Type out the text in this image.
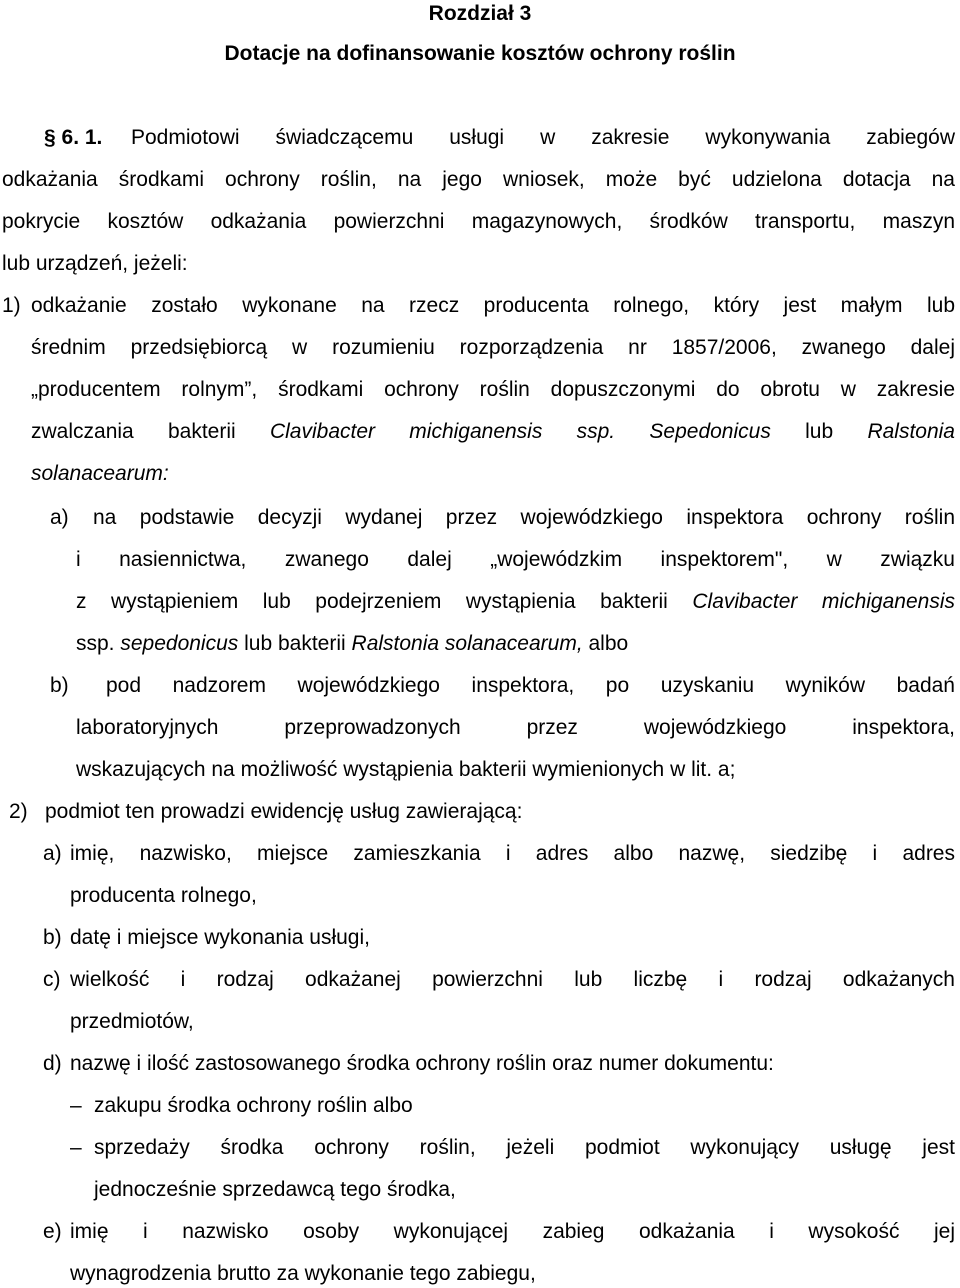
Rozdział 3
Dotacje na dofinansowanie kosztów ochrony roślin
§ 6. 1. Podmiotowi świadczącemu usługi w zakresie wykonywania zabiegów
odkażania środkami ochrony roślin, na jego wniosek, może być udzielona dotacja na
pokrycie kosztów odkażania powierzchni magazynowych, środków transportu, maszyn
lub urządzeń, jeżeli:
1) odkażanie zostało wykonane na rzecz producenta rolnego, który jest małym lub
średnim przedsiębiorcą w rozumieniu rozporządzenia nr 1857/2006, zwanego dalej
„producentem rolnym”, środkami ochrony roślin dopuszczonymi do obrotu w zakresie
zwalczania bakterii Clavibacter michiganensis ssp. Sepedonicus lub Ralstonia
solanacearum:
a) na podstawie decyzji wydanej przez wojewódzkiego inspektora ochrony roślin
i nasiennictwa, zwanego dalej „wojewódzkim inspektorem", w związku
z wystąpieniem lub podejrzeniem wystąpienia bakterii Clavibacter michiganensis
ssp. sepedonicus lub bakterii Ralstonia solanacearum, albo
b) pod nadzorem wojewódzkiego inspektora, po uzyskaniu wyników badań
laboratoryjnych przeprowadzonych przez wojewódzkiego inspektora,
wskazujących na możliwość wystąpienia bakterii wymienionych w lit. a;
2) podmiot ten prowadzi ewidencję usług zawierającą:
a) imię, nazwisko, miejsce zamieszkania i adres albo nazwę, siedzibę i adres
producenta rolnego,
b) datę i miejsce wykonania usługi,
c) wielkość i rodzaj odkażanej powierzchni lub liczbę i rodzaj odkażanych
przedmiotów,
d) nazwę i ilość zastosowanego środka ochrony roślin oraz numer dokumentu:
– zakupu środka ochrony roślin albo
– sprzedaży środka ochrony roślin, jeżeli podmiot wykonujący usługę jest
jednocześnie sprzedawcą tego środka,
e) imię i nazwisko osoby wykonującej zabieg odkażania i wysokość jej
wynagrodzenia brutto za wykonanie tego zabiegu,
